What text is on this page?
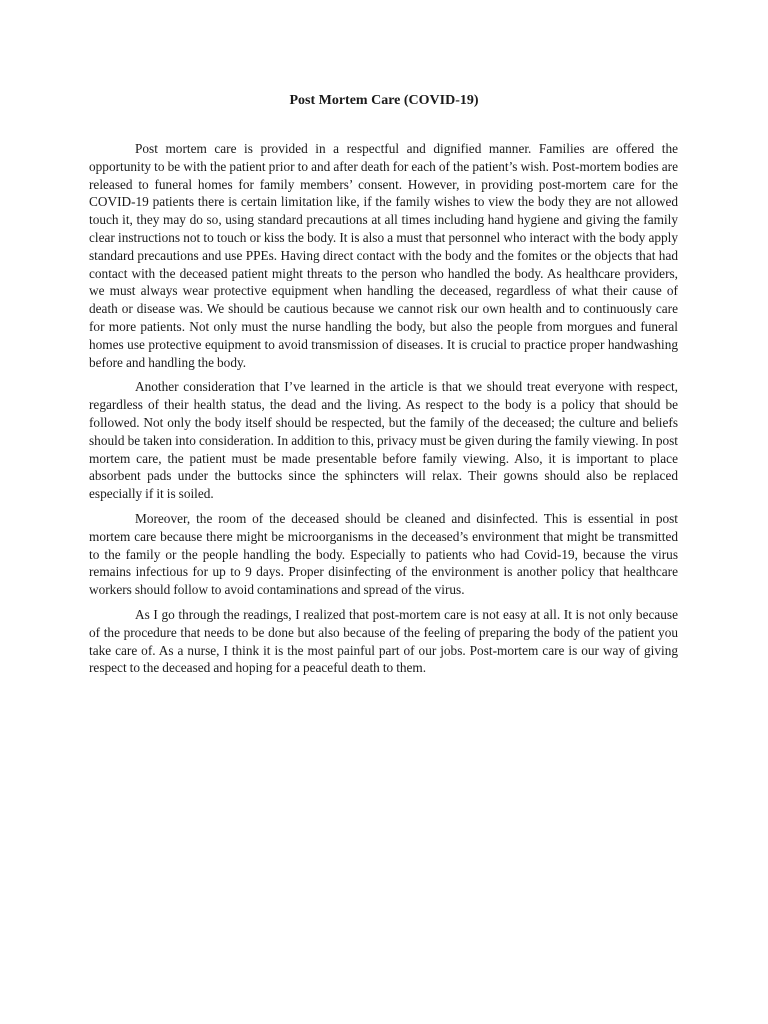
Post Mortem Care (COVID-19)

Post mortem care is provided in a respectful and dignified manner. Families are offered the opportunity to be with the patient prior to and after death for each of the patient’s wish. Post-mortem bodies are released to funeral homes for family members’ consent. However, in providing post-mortem care for the COVID-19 patients there is certain limitation like, if the family wishes to view the body they are not allowed touch it, they may do so, using standard precautions at all times including hand hygiene and giving the family clear instructions not to touch or kiss the body. It is also a must that personnel who interact with the body apply standard precautions and use PPEs. Having direct contact with the body and the fomites or the objects that had contact with the deceased patient might threats to the person who handled the body. As healthcare providers, we must always wear protective equipment when handling the deceased, regardless of what their cause of death or disease was. We should be cautious because we cannot risk our own health and to continuously care for more patients. Not only must the nurse handling the body, but also the people from morgues and funeral homes use protective equipment to avoid transmission of diseases. It is crucial to practice proper handwashing before and handling the body.

Another consideration that I’ve learned in the article is that we should treat everyone with respect, regardless of their health status, the dead and the living. As respect to the body is a policy that should be followed. Not only the body itself should be respected, but the family of the deceased; the culture and beliefs should be taken into consideration. In addition to this, privacy must be given during the family viewing. In post mortem care, the patient must be made presentable before family viewing. Also, it is important to place absorbent pads under the buttocks since the sphincters will relax. Their gowns should also be replaced especially if it is soiled.

Moreover, the room of the deceased should be cleaned and disinfected. This is essential in post mortem care because there might be microorganisms in the deceased’s environment that might be transmitted to the family or the people handling the body. Especially to patients who had Covid-19, because the virus remains infectious for up to 9 days. Proper disinfecting of the environment is another policy that healthcare workers should follow to avoid contaminations and spread of the virus.

As I go through the readings, I realized that post-mortem care is not easy at all. It is not only because of the procedure that needs to be done but also because of the feeling of preparing the body of the patient you take care of. As a nurse, I think it is the most painful part of our jobs. Post-mortem care is our way of giving respect to the deceased and hoping for a peaceful death to them.
